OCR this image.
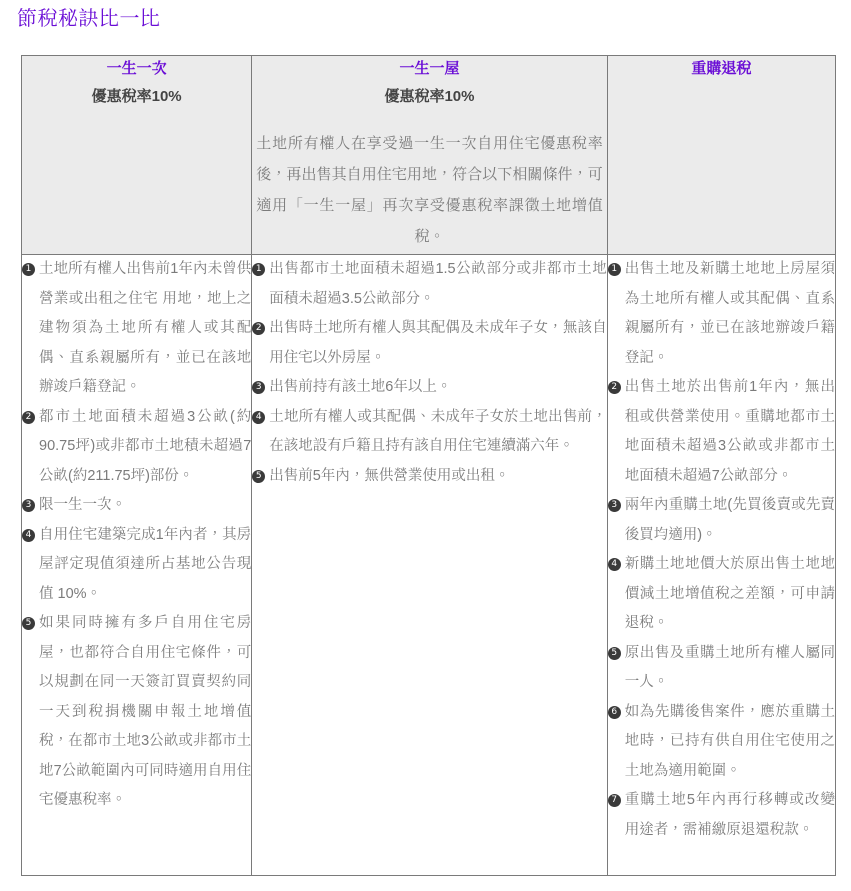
節稅秘訣比一比
一生一次
優惠稅率10%

一生一屋
優惠稅率10%
土地所有權人在享受過一生一次自用住宅優惠稅率後，再出售其自用住宅用地，符合以下相關條件，可適用「一生一屋」再次享受優惠稅率課徵土地增值稅。

重購退稅

1 土地所有權人出售前1年內未曾供營業或出租之住宅 用地，地上之建物須為土地所有權人或其配偶、直系親屬所有，並已在該地辦竣戶籍登記。
2 都市土地面積未超過3公畝(約90.75坪)或非都市土地積未超過7公畝(約211.75坪)部份。
3 限一生一次。
4 自用住宅建築完成1年內者，其房屋評定現值須達所占基地公告現值 10%。
5 如果同時擁有多戶自用住宅房屋，也都符合自用住宅條件，可以規劃在同一天簽訂買賣契約同一天到稅捐機關申報土地增值稅，在都市土地3公畝或非都市土地7公畝範圍內可同時適用自用住宅優惠稅率。

1 出售都市土地面積未超過1.5公畝部分或非都市土地面積未超過3.5公畝部分。
2 出售時土地所有權人與其配偶及未成年子女，無該自用住宅以外房屋。
3 出售前持有該土地6年以上。
4 土地所有權人或其配偶、未成年子女於土地出售前， 在該地設有戶籍且持有該自用住宅連續滿六年。
5 出售前5年內，無供營業使用或出租。

1 出售土地及新購土地地上房屋須為土地所有權人或其配偶、直系親屬所有，並已在該地辦竣戶籍登記。
2 出售土地於出售前1年內，無出租或供營業使用。重購地都市土地面積未超過3公畝或非都市土地面積未超過7公畝部分。
3 兩年內重購土地(先買後賣或先賣後買均適用)。
4 新購土地地價大於原出售土地地價減土地增值稅之差額，可申請退稅。
5 原出售及重購土地所有權人屬同一人。
6 如為先購後售案件，應於重購土地時，已持有供自用住宅使用之土地為適用範圍。
7 重購土地5年內再行移轉或改變用途者，需補繳原退還稅款。
